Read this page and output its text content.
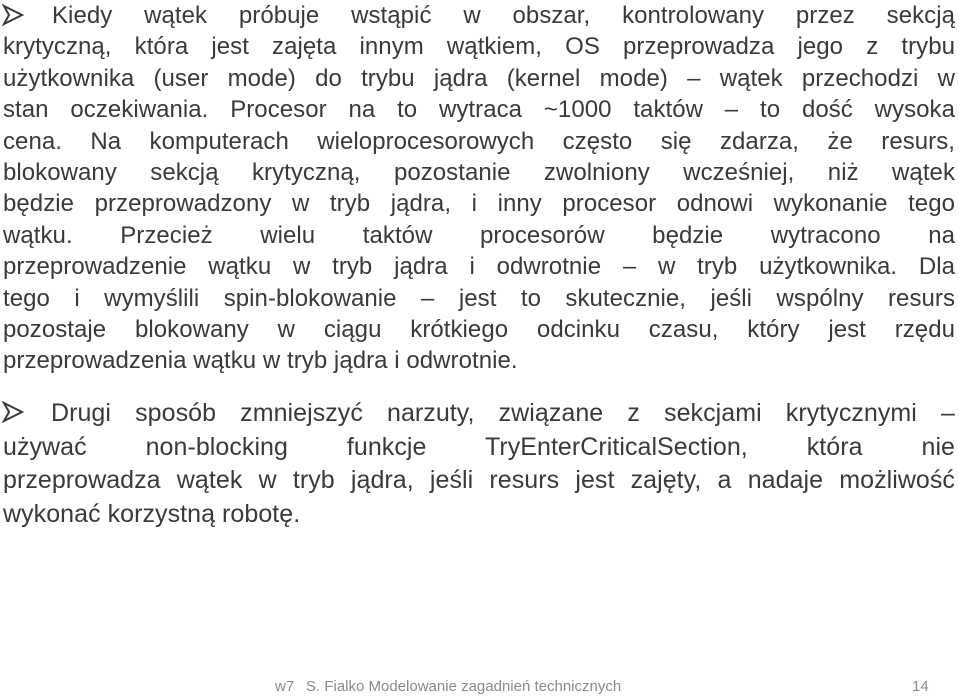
Kiedy wątek próbuje wstąpić w obszar, kontrolowany przez sekcją
krytyczną, która jest zajęta innym wątkiem, OS przeprowadza jego z trybu
użytkownika (user mode) do trybu jądra (kernel mode) – wątek przechodzi w
stan oczekiwania. Procesor na to wytraca ~1000 taktów – to dość wysoka
cena. Na komputerach wieloprocesorowych często się zdarza, że resurs,
blokowany sekcją krytyczną, pozostanie zwolniony wcześniej, niż wątek
będzie przeprowadzony w tryb jądra, i inny procesor odnowi wykonanie tego
wątku. Przecież wielu taktów procesorów będzie wytracono na
przeprowadzenie wątku w tryb jądra i odwrotnie – w tryb użytkownika. Dla
tego i wymyślili spin-blokowanie – jest to skutecznie, jeśli wspólny resurs
pozostaje blokowany w ciągu krótkiego odcinku czasu, który jest rzędu
przeprowadzenia wątku w tryb jądra i odwrotnie.
Drugi sposób zmniejszyć narzuty, związane z sekcjami krytycznymi –
używać non-blocking funkcje TryEnterCriticalSection, która nie
przeprowadza wątek w tryb jądra, jeśli resurs jest zajęty, a nadaje możliwość
wykonać korzystną robotę.
w7 S. Fialko Modelowanie zagadnień technicznych	14
